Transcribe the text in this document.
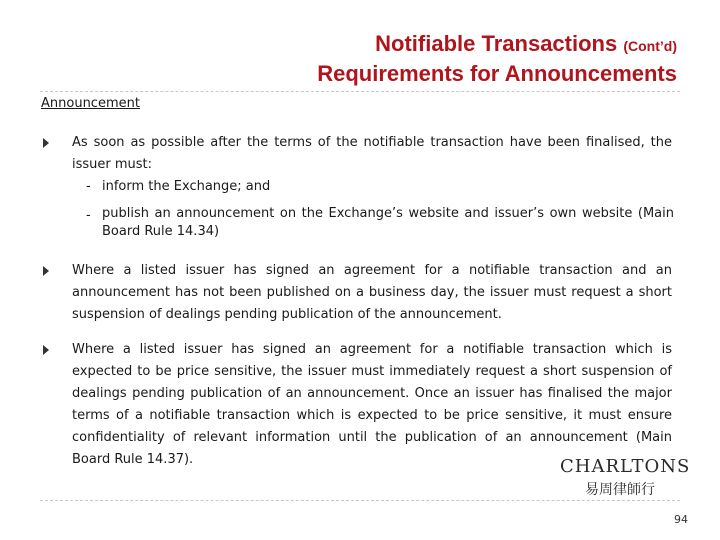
Notifiable Transactions (Cont’d)
Requirements for Announcements
Announcement
As soon as possible after the terms of the notifiable transaction have been finalised, the issuer must:
- inform the Exchange; and
- publish an announcement on the Exchange’s website and issuer’s own website (Main Board Rule 14.34)
Where a listed issuer has signed an agreement for a notifiable transaction and an announcement has not been published on a business day, the issuer must request a short suspension of dealings pending publication of the announcement.
Where a listed issuer has signed an agreement for a notifiable transaction which is expected to be price sensitive, the issuer must immediately request a short suspension of dealings pending publication of an announcement. Once an issuer has finalised the major terms of a notifiable transaction which is expected to be price sensitive, it must ensure confidentiality of relevant information until the publication of an announcement (Main Board Rule 14.37).	CHARLTONS
易周律師行
94
